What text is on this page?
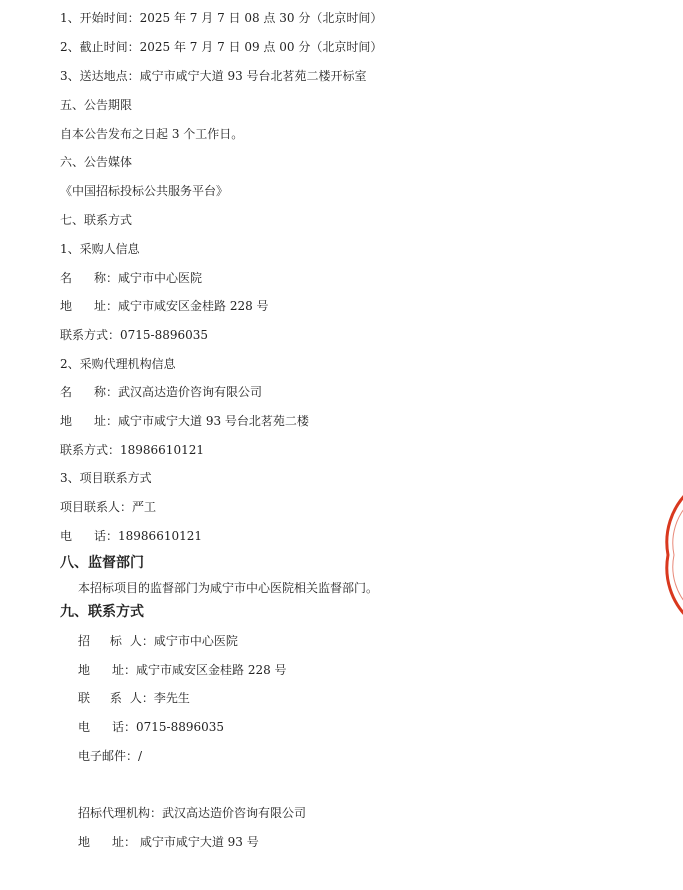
1、开始时间：2025 年 7 月 7 日 08 点 30 分（北京时间）
2、截止时间：2025 年 7 月 7 日 09 点 00 分（北京时间）
3、送达地点：咸宁市咸宁大道 93 号台北茗苑二楼开标室
五、公告期限
自本公告发布之日起 3 个工作日。
六、公告媒体
《中国招标投标公共服务平台》
七、联系方式
1、采购人信息
名称：咸宁市中心医院
地址：咸宁市咸安区金桂路 228 号
联系方式：0715-8896035
2、采购代理机构信息
名称：武汉高达造价咨询有限公司
地址：咸宁市咸宁大道 93 号台北茗苑二楼
联系方式：18986610121
3、项目联系方式
项目联系人：严工
电话：18986610121
八、监督部门
本招标项目的监督部门为咸宁市中心医院相关监督部门。
九、联系方式
招 标人：咸宁市中心医院
地址：咸宁市咸安区金桂路 228 号
联 系人：李先生
电话：0715-8896035
电子邮件：/
招标代理机构：武汉高达造价咨询有限公司
地址： 咸宁市咸宁大道 93 号
